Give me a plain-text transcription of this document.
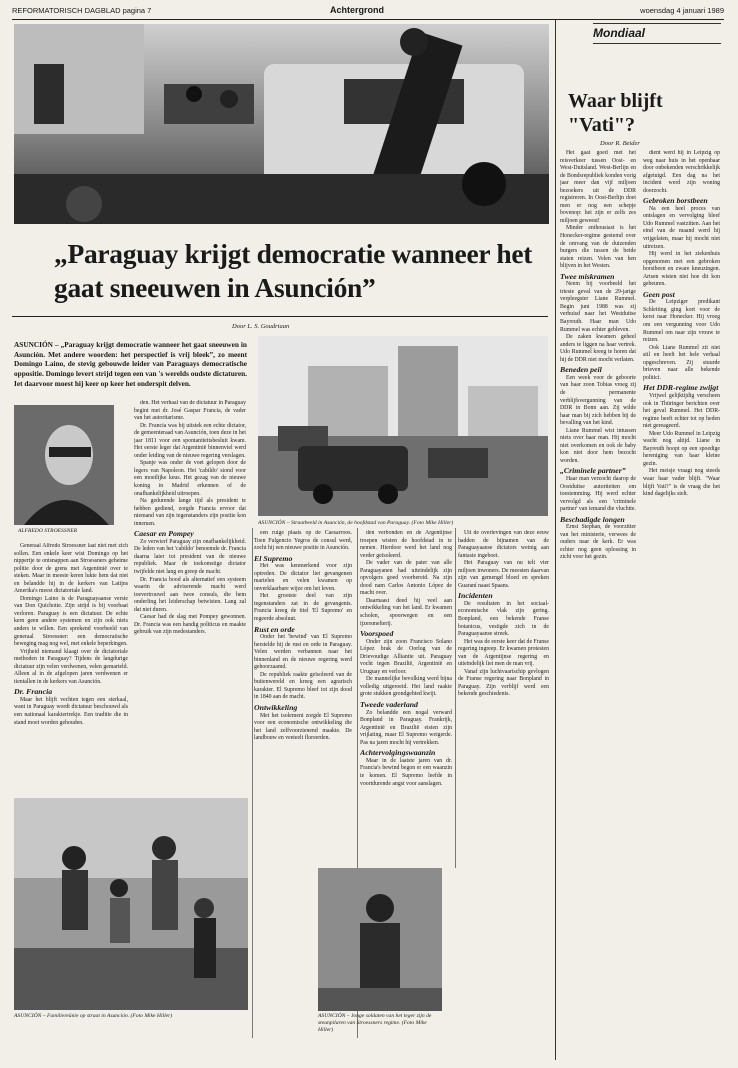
REFORMATORISCH DAGBLAD pagina 7	Achtergrond	woensdag 4 januari 1989
„Paraguay krijgt democratie wanneer het gaat sneeuwen in Asunción”
Door L. S. Goudriaan
ASUNCIÓN – „Paraguay krijgt democratie wanneer het gaat sneeuwen in Asunción. Met andere woorden: het perspectief is vrij bleek”, zo meent Domingo Laino, de stevig gebouwde leider van Paraguays democratische oppositie. Domingo levert strijd tegen een van 's werelds oudste dictaturen. Iet daarvoor moest hij keer op keer het onderspit delven.
ALFREDO STROESSNER
ASUNCIÓN – Straatbeeld in Asunción, de hoofdstad van Paraguay. (Foto Mike Hiller)

Generaal Alfredo Stroessner laat niet met zich sollen. Een enkele keer wist Domingo op het nippertje te ontsnappen aan Stroessners geheime politie door de grens met Argentinië over te steken. Maar in meeste keren lukte hem dat niet en belandde hij in de kerkers van Latijns Amerika's meest dictatoriale land.

Domingo Laino is de Paraguayaanse versie van Don Quichotte. Zijn strijd is bij voorbaat verloren. Paraguay is een dictatuur. De echte kern geen andere systemen en zijn ook niets anders te willen. Een sprekend voorbeeld van generaal Stroessner: een democratische beweging mag nog wel, met enkele beperkingen.

Vrijheid niemand klaagt over de dictatoriale methoden in Paraguay? Tijdens de langdurige dictatuur zijn velen verdwenen, velen gemarteld. Alleen al in de afgelopen jaren verdwenen er tientallen in de kerkers van Asunción.

Dr. Francia

Maar het blijft vechten tegen een sterkaal, want in Paraguay wordt dictatuur beschouwd als een nationaal karaktertrekje. Een traditie die in stand moet worden gehouden.

den. Het verhaal van de dictatuur in Paraguay begint met dr. José Gaspar Francia, de vader van het autoritarisme.

Dr. Francia was bij uitstek een echte dictator, de gemeenteraad van Asunción, toen deze in het jaar 1811 voor een spontaniteitsbesluit kwam. Het eerste leger dat Argentinië binnenviel werd onder leiding van de nieuwe regering verslagen.

Spanje was onder de voet gelopen door de legers van Napoleon. Het 'cabildo' stond voor een moeilijke keus. Het gezag van de nieuwe koning in Madrid erkennen of de onafhankelijkheid uitroepen.

Na gedurende lange tijd als president te hebben gediend, zorgde Francia ervoor dat niemand van zijn tegenstanders zijn positie kon innemen.

Caesar en Pompey

Zo verwierf Paraguay zijn onafhankelijkheid. De leden van het 'cabildo' benoemde dr. Francia daarna later tot president van de nieuwe republiek. Maar de toekomstige dictator twijfelde niet lang en greep de macht.

Dr. Francia bood als alternatief een systeem waarin de adviserende macht werd toevertrouwd aan twee consuls, die hem onderling het leiderschap betwisten. Lang zal dat niet duren.

Caesar had de slag met Pompey gewonnen. Dr. Francia was een handig politicus en maakte gebruik van zijn medestanders.

een ruige plaats op de Caesarroos. Toen Fulgencio Yegros de consul werd, zocht hij een nieuwe positie in Asunción.

El Supremo

Het was kenmerkend voor zijn optreden. De dictator liet gevangenen martelen en velen kwamen op onverklaarbare wijze om het leven.

Het grootste deel van zijn tegenstanders zat in de gevangenis. Francia kreeg de titel 'El Supremo' en regeerde absoluut.

Rust en orde

Onder het 'bewind' van El Supremo herstelde hij de rust en orde in Paraguay. Velen werden verbannen naar het binnenland en de nieuwe regering werd gehoorzaamd.

De republiek raakte geïsoleerd van de buitenwereld en kreeg een agrarisch karakter. El Supremo bleef tot zijn dood in 1840 aan de macht.

Ontwikkeling

Met het isolement zorgde El Supremo voor een economische ontwikkeling die het land zelfvoorzienend maakte. De landbouw en veeteelt floreerden.

den verbonden en de Argentijnse troepen wisten de hoofdstad in te nemen. Hierdoor werd het land nog verder geïsoleerd.

De vader van de pater van alle Paraguayanen had uiteindelijk zijn opvolgers goed voorbereid. Na zijn dood nam Carlos Antonio López de macht over.

Daarnaast deed hij veel aan ontwikkeling van het land. Er kwamen scholen, spoorwegen en een ijzersmelterij.

Voorspoed

Onder zijn zoon Francisco Solano López brak de Oorlog van de Drievoudige Alliantie uit. Paraguay vocht tegen Brazilië, Argentinië en Uruguay en verloor.

De mannelijke bevolking werd bijna volledig uitgeroeid. Het land raakte grote stukken grondgebied kwijt.

Tweede vaderland

Zo belandde een nogal verward Bonpland in Paraguay. Frankrijk, Argentinië en Brazilië eisten zijn vrijlating, maar El Supremo weigerde. Pas na jaren mocht hij vertrekken.

Achtervolgingswaanzin

Maar in de laatste jaren van dr. Francia's bewind begon er een waanzin te komen. El Supremo leefde in voortdurende angst voor aanslagen.

Uit de overlevingen van deze eeuw hadden de bijnamen van de Paraguayaanse dictators weinig aan fantasie ingeboet.

Het Paraguay van nu telt vier miljoen inwoners. De meesten daarvan zijn van gemengd bloed en spreken Guaraní naast Spaans.

Incidenten

De resultaten in het sociaal-economische vlak zijn gering. Bonpland, een bekende Franse botanicus, vestigde zich in de Paraguayaanse streek.

Het was de eerste keer dat de Franse regering ingreep. Er kwamen protesten van de Argentijnse regering en uiteindelijk liet men de man vrij.

Vanaf zijn luchtvaartschip gevlogen de Franse regering naar Bonpland in Paraguay. Zijn verblijf werd een bekende geschiedenis.

ASUNCIÓN – Familiereünie op straat in Asunción. (Foto Mike Hiller)	ASUNCIÓN – Jonge soldaten van het leger zijn de steunpilaren van Stroessners regime. (Foto Mike Hiller)
Mondiaal
Waar blijft "Vati"?
Door R. Beider

Het gaat goed met het reisverkeer tussen Oost- en West-Duitsland. West-Berlijn en de Bondsrepubliek konden vorig jaar meer dan vijf miljoen bezoekers uit de DDR registreren. In Oost-Berlijn doet men er nog een schepje bovenop: het zijn er zelfs zes miljoen geweest!

Minder enthousiast is het Honecker-regime gestemd over de omvang van de duizenden burgers die tussen de beide staten reizen. Velen van hen blijven in het Westen.

Twee miskramen

Neem bij voorbeeld het trieste geval van de 29-jarige verpleegster Liane Rummel. Begin juni 1988 was zij verhuisd naar het Westduitse Bayreuth. Haar man Udo Rummel was echter gebleven.

De zaken kwamen geheel anders te liggen na haar vertrek. Udo Rummel kreeg te horen dat hij de DDR niet mocht verlaten.

Beneden peil

Een week voor de geboorte van haar zoon Tobias vroeg zij de permanente verblijfsvergunning van de DDR in Bonn aan. Zij wilde haar man bij zich hebben bij de bevalling van het kind.

Liane Rummel wist intussen niets over haar man. Hij mocht niet overkomen en ook de baby kon niet door hem bezocht worden.

„Criminele partner”

Haar man verzocht daarop de Oostduitse autoriteiten om toestemming. Hij werd echter vervolgd als een 'criminele partner' van iemand die vluchtte.

Beschadigde longen

Ernst Stephan, de voorzitter van het ministerie, verwees de ouders naar de kerk. Er was echter nog geen oplossing in zicht voor het gezin.

dient werd hij in Leipzig op weg naar huis in het openbaar door onbekenden verschrikkelijk afgetuigd. Een dag na het incident werd zijn woning doorzocht.

Gebroken borstbeen

Na een heel proces van ontslagen en vervolging bleef Udo Rummel vastzitten. Aan het eind van de maand werd hij vrijgelaten, maar hij mocht niet uitreizen.

Hij werd in het ziekenhuis opgenomen met een gebroken borstbeen en zware kneuzingen. Artsen wisten niet hoe dit kon gebeuren.

Geen post

De Leipziger predikant Schleiting ging kort voor de kerst naar Honecker. Hij vroeg om een vergunning voor Udo Rummel om naar zijn vrouw te reizen.

Ook Liane Rummel zit niet stil en heeft het hele verhaal opgeschreven. Zij stuurde brieven naar alle bekende politici.

Het DDR-regime zwijgt

Vrijwel gelijktijdig verscheen ook in Thüringer berichten over het geval Rummel. Het DDR-regime heeft echter tot op heden niet gereageerd.

Meer Udo Rummel in Leipzig wacht nog altijd. Liane in Bayreuth hoopt op een spoedige hereniging van haar kleine gezin.

Het meisje vraagt nog steeds waar haar vader blijft. "Waar blijft Vati?" is de vraag die het kind dagelijks stelt.
